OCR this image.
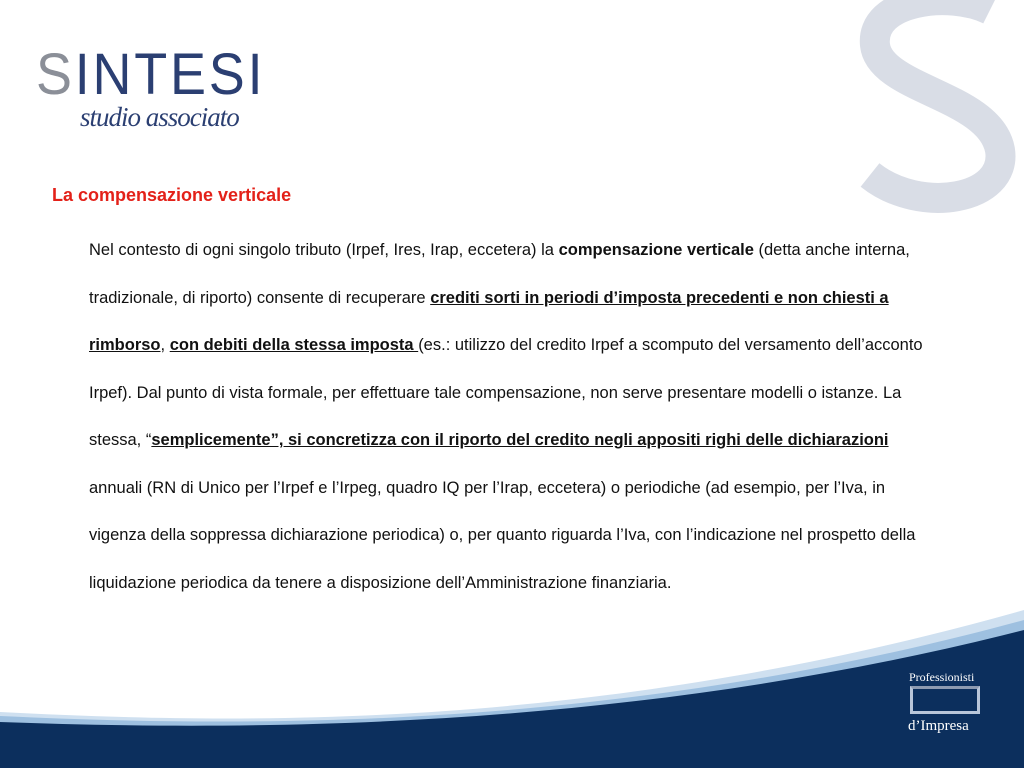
SINTESI
studio associato
La compensazione verticale
Nel contesto di ogni singolo tributo (Irpef, Ires, Irap, eccetera) la compensazione verticale (detta anche interna, tradizionale, di riporto) consente di recuperare crediti sorti in periodi d’imposta precedenti e non chiesti a rimborso, con debiti della stessa imposta (es.: utilizzo del credito Irpef a scomputo del versamento dell’acconto Irpef). Dal punto di vista formale, per effettuare tale compensazione, non serve presentare modelli o istanze. La stessa, “semplicemente”, si concretizza con il riporto del credito negli appositi righi delle dichiarazioni annuali (RN di Unico per l’Irpef e l’Irpeg, quadro IQ per l’Irap, eccetera) o periodiche (ad esempio, per l’Iva, in vigenza della soppressa dichiarazione periodica) o, per quanto riguarda l’Iva, con l’indicazione nel prospetto della liquidazione periodica da tenere a disposizione dell’Amministrazione finanziaria.
Professionisti
d’Impresa
